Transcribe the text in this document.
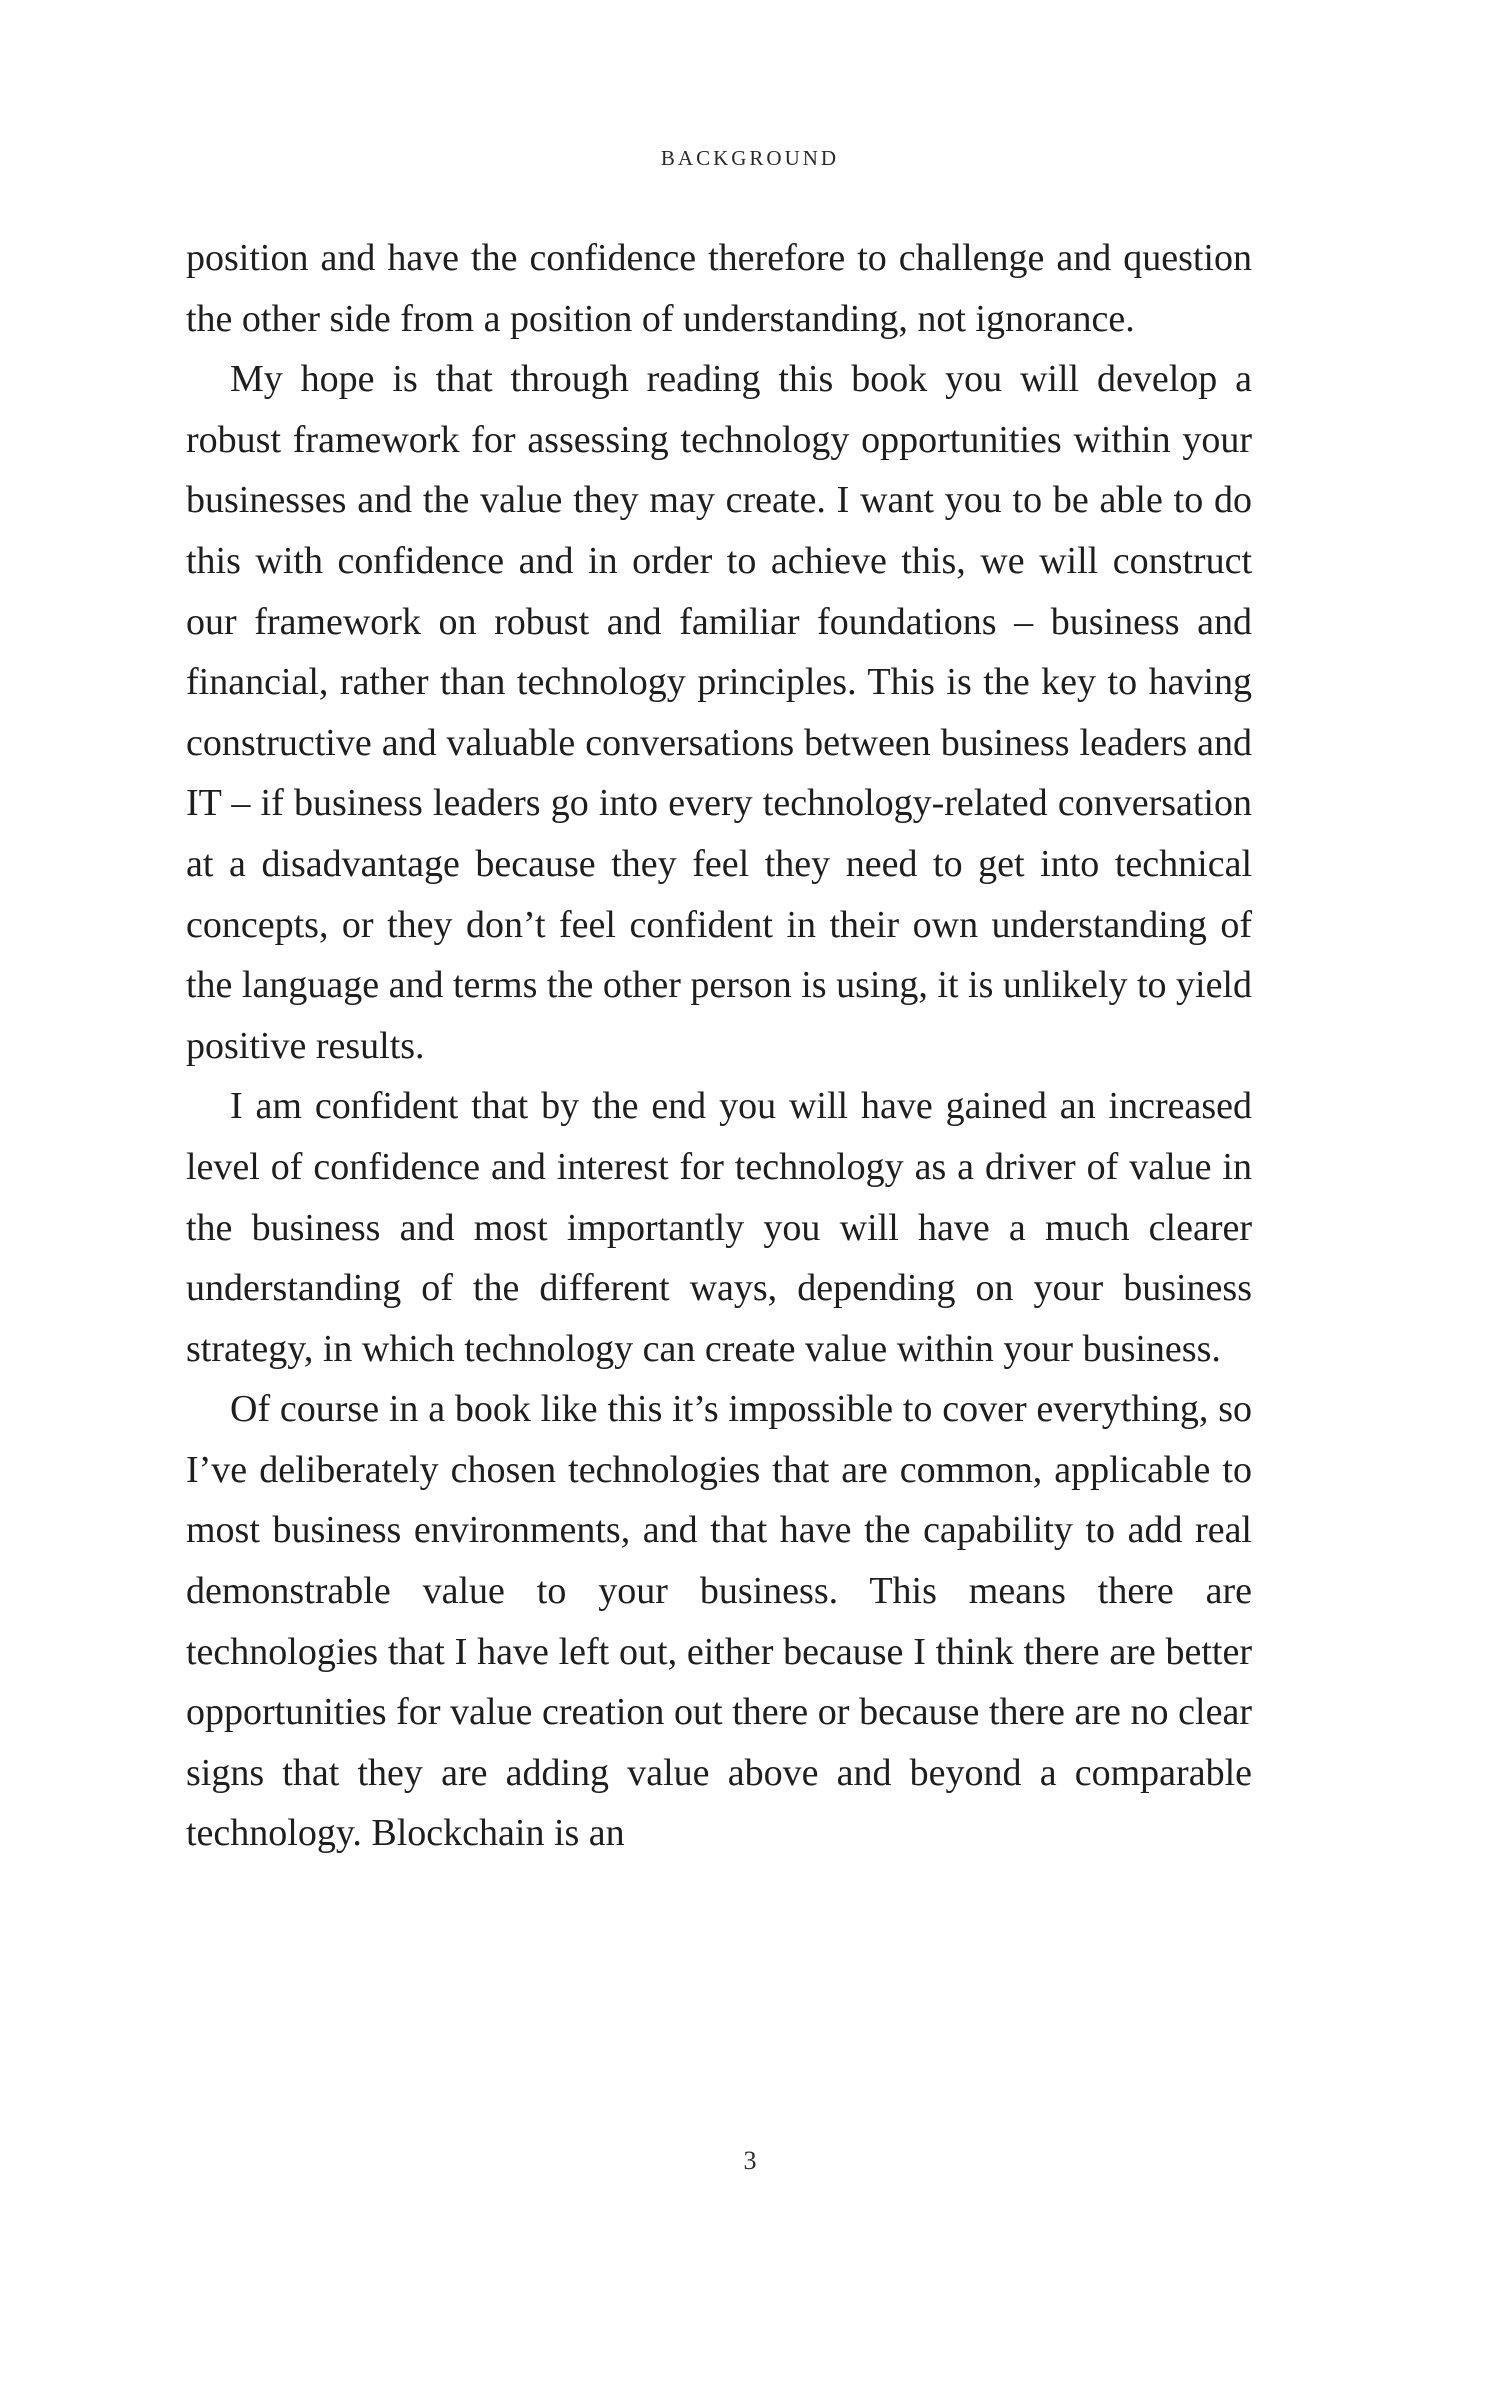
BACKGROUND

position and have the confidence therefore to challenge and question the other side from a position of understanding, not ignorance.

My hope is that through reading this book you will develop a robust framework for assessing technology opportunities within your businesses and the value they may create. I want you to be able to do this with confidence and in order to achieve this, we will construct our framework on robust and familiar foundations – business and financial, rather than technology principles. This is the key to having constructive and valuable conversations between business leaders and IT – if business leaders go into every technology-related conversation at a disadvantage because they feel they need to get into technical concepts, or they don’t feel confident in their own understanding of the language and terms the other person is using, it is unlikely to yield positive results.

I am confident that by the end you will have gained an increased level of confidence and interest for technology as a driver of value in the business and most importantly you will have a much clearer understanding of the different ways, depending on your business strategy, in which technology can create value within your business.

Of course in a book like this it’s impossible to cover everything, so I’ve deliberately chosen technologies that are common, applicable to most business environments, and that have the capability to add real demonstrable value to your business. This means there are technologies that I have left out, either because I think there are better opportunities for value creation out there or because there are no clear signs that they are adding value above and beyond a comparable technology. Blockchain is an

3
